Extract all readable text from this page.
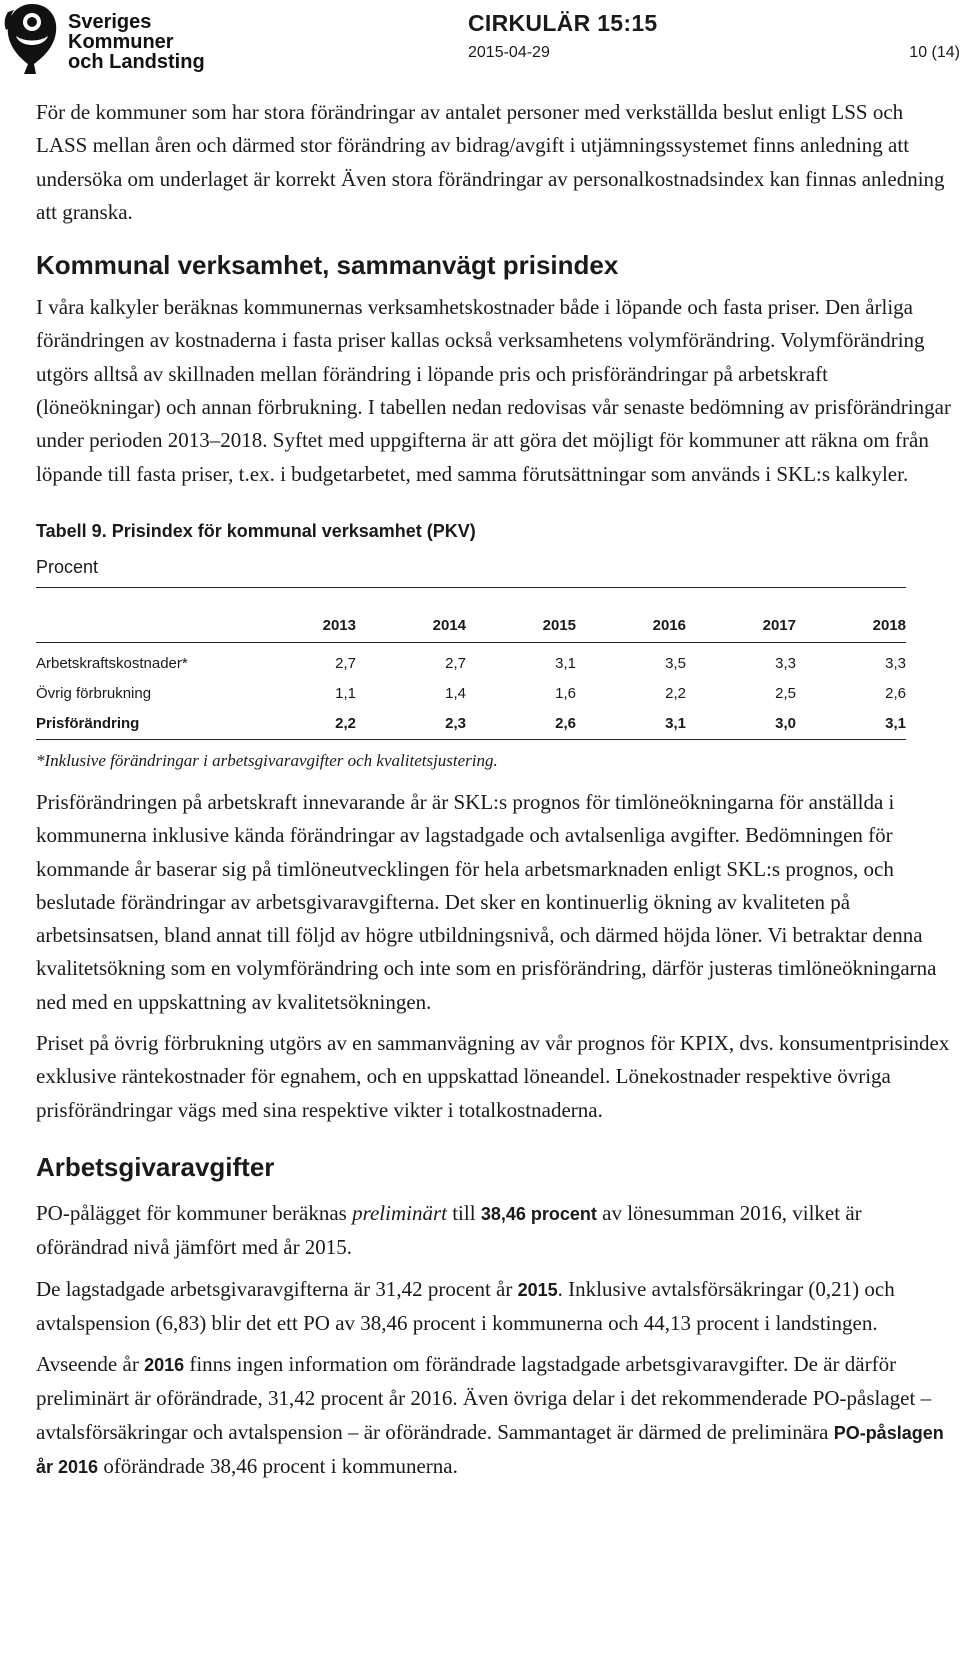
Sveriges
Kommuner
och Landsting
CIRKULÄR 15:15
2015-04-29	10 (14)

För de kommuner som har stora förändringar av antalet personer med verkställda beslut enligt LSS och LASS mellan åren och därmed stor förändring av bidrag/avgift i utjämningssystemet finns anledning att undersöka om underlaget är korrekt Även stora förändringar av personalkostnadsindex kan finnas anledning att granska.

Kommunal verksamhet, sammanvägt prisindex

I våra kalkyler beräknas kommunernas verksamhetskostnader både i löpande och fasta priser. Den årliga förändringen av kostnaderna i fasta priser kallas också verksamhetens volymförändring. Volymförändring utgörs alltså av skillnaden mellan förändring i löpande pris och prisförändringar på arbetskraft (löneökningar) och annan förbrukning. I tabellen nedan redovisas vår senaste bedömning av prisförändringar under perioden 2013–2018. Syftet med uppgifterna är att göra det möjligt för kommuner att räkna om från löpande till fasta priser, t.ex. i budgetarbetet, med samma förutsättningar som används i SKL:s kalkyler.

Tabell 9. Prisindex för kommunal verksamhet (PKV)
Procent
	2013	2014	2015	2016	2017	2018
Arbetskraftskostnader*	2,7	2,7	3,1	3,5	3,3	3,3
Övrig förbrukning	1,1	1,4	1,6	2,2	2,5	2,6
Prisförändring	2,2	2,3	2,6	3,1	3,0	3,1
*Inklusive förändringar i arbetsgivaravgifter och kvalitetsjustering.

Prisförändringen på arbetskraft innevarande år är SKL:s prognos för timlöneökningarna för anställda i kommunerna inklusive kända förändringar av lagstadgade och avtalsenliga avgifter. Bedömningen för kommande år baserar sig på timlöneutvecklingen för hela arbetsmarknaden enligt SKL:s prognos, och beslutade förändringar av arbetsgivaravgifterna. Det sker en kontinuerlig ökning av kvaliteten på arbetsinsatsen, bland annat till följd av högre utbildningsnivå, och därmed höjda löner. Vi betraktar denna kvalitetsökning som en volymförändring och inte som en prisförändring, därför justeras timlöneökningarna ned med en uppskattning av kvalitetsökningen.

Priset på övrig förbrukning utgörs av en sammanvägning av vår prognos för KPIX, dvs. konsumentprisindex exklusive räntekostnader för egnahem, och en uppskattad löneandel. Lönekostnader respektive övriga prisförändringar vägs med sina respektive vikter i totalkostnaderna.

Arbetsgivaravgifter

PO-pålägget för kommuner beräknas preliminärt till 38,46 procent av lönesumman 2016, vilket är oförändrad nivå jämfört med år 2015.

De lagstadgade arbetsgivaravgifterna är 31,42 procent år 2015. Inklusive avtalsförsäkringar (0,21) och avtalspension (6,83) blir det ett PO av 38,46 procent i kommunerna och 44,13 procent i landstingen.

Avseende år 2016 finns ingen information om förändrade lagstadgade arbetsgivaravgifter. De är därför preliminärt är oförändrade, 31,42 procent år 2016. Även övriga delar i det rekommenderade PO-påslaget – avtalsförsäkringar och avtalspension – är oförändrade. Sammantaget är därmed de preliminära PO-påslagen år 2016 oförändrade 38,46 procent i kommunerna.
